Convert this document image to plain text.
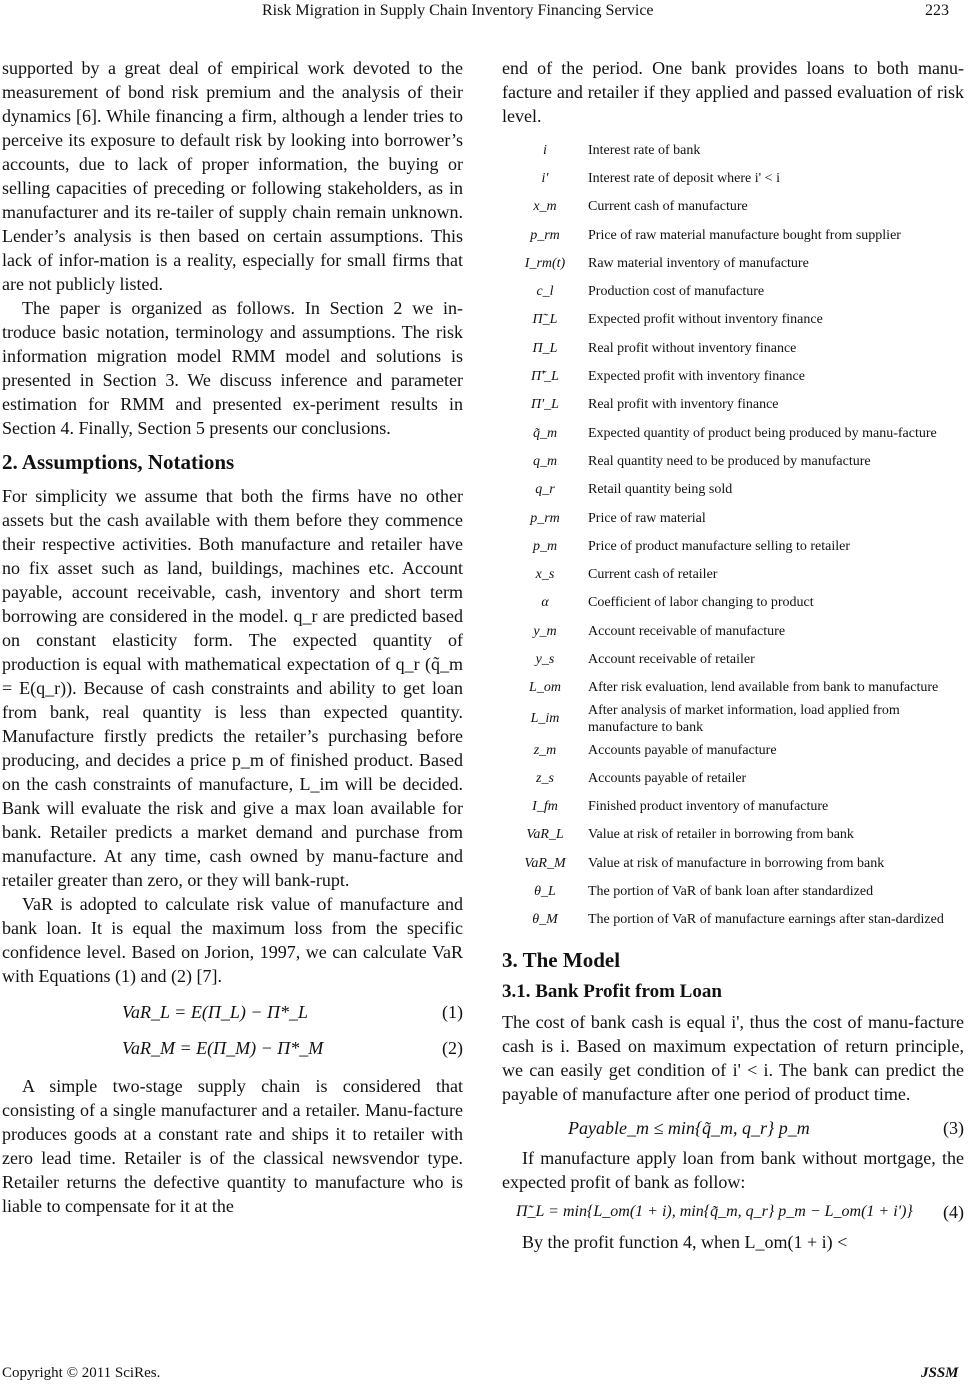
Risk Migration in Supply Chain Inventory Financing Service	223

supported by a great deal of empirical work devoted to the measurement of bond risk premium and the analysis of their dynamics [6]. While financing a firm, although a lender tries to perceive its exposure to default risk by looking into borrower’s accounts, due to lack of proper information, the buying or selling capacities of preceding or following stakeholders, as in manufacturer and its re-tailer of supply chain remain unknown. Lender’s analysis is then based on certain assumptions. This lack of infor-mation is a reality, especially for small firms that are not publicly listed.

The paper is organized as follows. In Section 2 we in-troduce basic notation, terminology and assumptions. The risk information migration model RMM model and solutions is presented in Section 3. We discuss inference and parameter estimation for RMM and presented ex-periment results in Section 4. Finally, Section 5 presents our conclusions.

2. Assumptions, Notations

For simplicity we assume that both the firms have no other assets but the cash available with them before they commence their respective activities. Both manufacture and retailer have no fix asset such as land, buildings, machines etc. Account payable, account receivable, cash, inventory and short term borrowing are considered in the model. q_r are predicted based on constant elasticity form. The expected quantity of production is equal with mathematical expectation of q_r (q̃_m = E(q_r)). Because of cash constraints and ability to get loan from bank, real quantity is less than expected quantity. Manufacture firstly predicts the retailer’s purchasing before producing, and decides a price p_m of finished product. Based on the cash constraints of manufacture, L_im will be decided. Bank will evaluate the risk and give a max loan available for bank. Retailer predicts a market demand and purchase from manufacture. At any time, cash owned by manu-facture and retailer greater than zero, or they will bank-rupt.

VaR is adopted to calculate risk value of manufacture and bank loan. It is equal the maximum loss from the specific confidence level. Based on Jorion, 1997, we can calculate VaR with Equations (1) and (2) [7].

VaR_L = E(Π_L) − Π*_L	(1)
VaR_M = E(Π_M) − Π*_M	(2)

A simple two-stage supply chain is considered that consisting of a single manufacturer and a retailer. Manu-facture produces goods at a constant rate and ships it to retailer with zero lead time. Retailer is of the classical newsvendor type. Retailer returns the defective quantity to manufacture who is liable to compensate for it at the

end of the period. One bank provides loans to both manu-facture and retailer if they applied and passed evaluation of risk level.

i	Interest rate of bank
i'	Interest rate of deposit where i' < i
x_m	Current cash of manufacture
p_rm	Price of raw material manufacture bought from supplier
I_rm(t)	Raw material inventory of manufacture
c_l	Production cost of manufacture
Π̃_L	Expected profit without inventory finance
Π_L	Real profit without inventory finance
Π̃'_L	Expected profit with inventory finance
Π'_L	Real profit with inventory finance
q̃_m	Expected quantity of product being produced by manu-facture
q_m	Real quantity need to be produced by manufacture
q_r	Retail quantity being sold
p_rm	Price of raw material
p_m	Price of product manufacture selling to retailer
x_s	Current cash of retailer
α	Coefficient of labor changing to product
y_m	Account receivable of manufacture
y_s	Account receivable of retailer
L_om	After risk evaluation, lend available from bank to manufacture
L_im	After analysis of market information, load applied from manufacture to bank
z_m	Accounts payable of manufacture
z_s	Accounts payable of retailer
I_fm	Finished product inventory of manufacture
VaR_L	Value at risk of retailer in borrowing from bank
VaR_M	Value at risk of manufacture in borrowing from bank
θ_L	The portion of VaR of bank loan after standardized
θ_M	The portion of VaR of manufacture earnings after stan-dardized
3. The Model
3.1. Bank Profit from Loan

The cost of bank cash is equal i', thus the cost of manu-facture cash is i. Based on maximum expectation of return principle, we can easily get condition of i' < i. The bank can predict the payable of manufacture after one period of product time.

Payable_m ≤ min{q̃_m, q_r} p_m	(3)

If manufacture apply loan from bank without mortgage, the expected profit of bank as follow:

Π̃_L = min{L_om(1 + i), min{q̃_m, q_r} p_m − L_om(1 + i')} (4)

By the profit function 4, when L_om(1 + i) <

Copyright © 2011 SciRes.	JSSM
